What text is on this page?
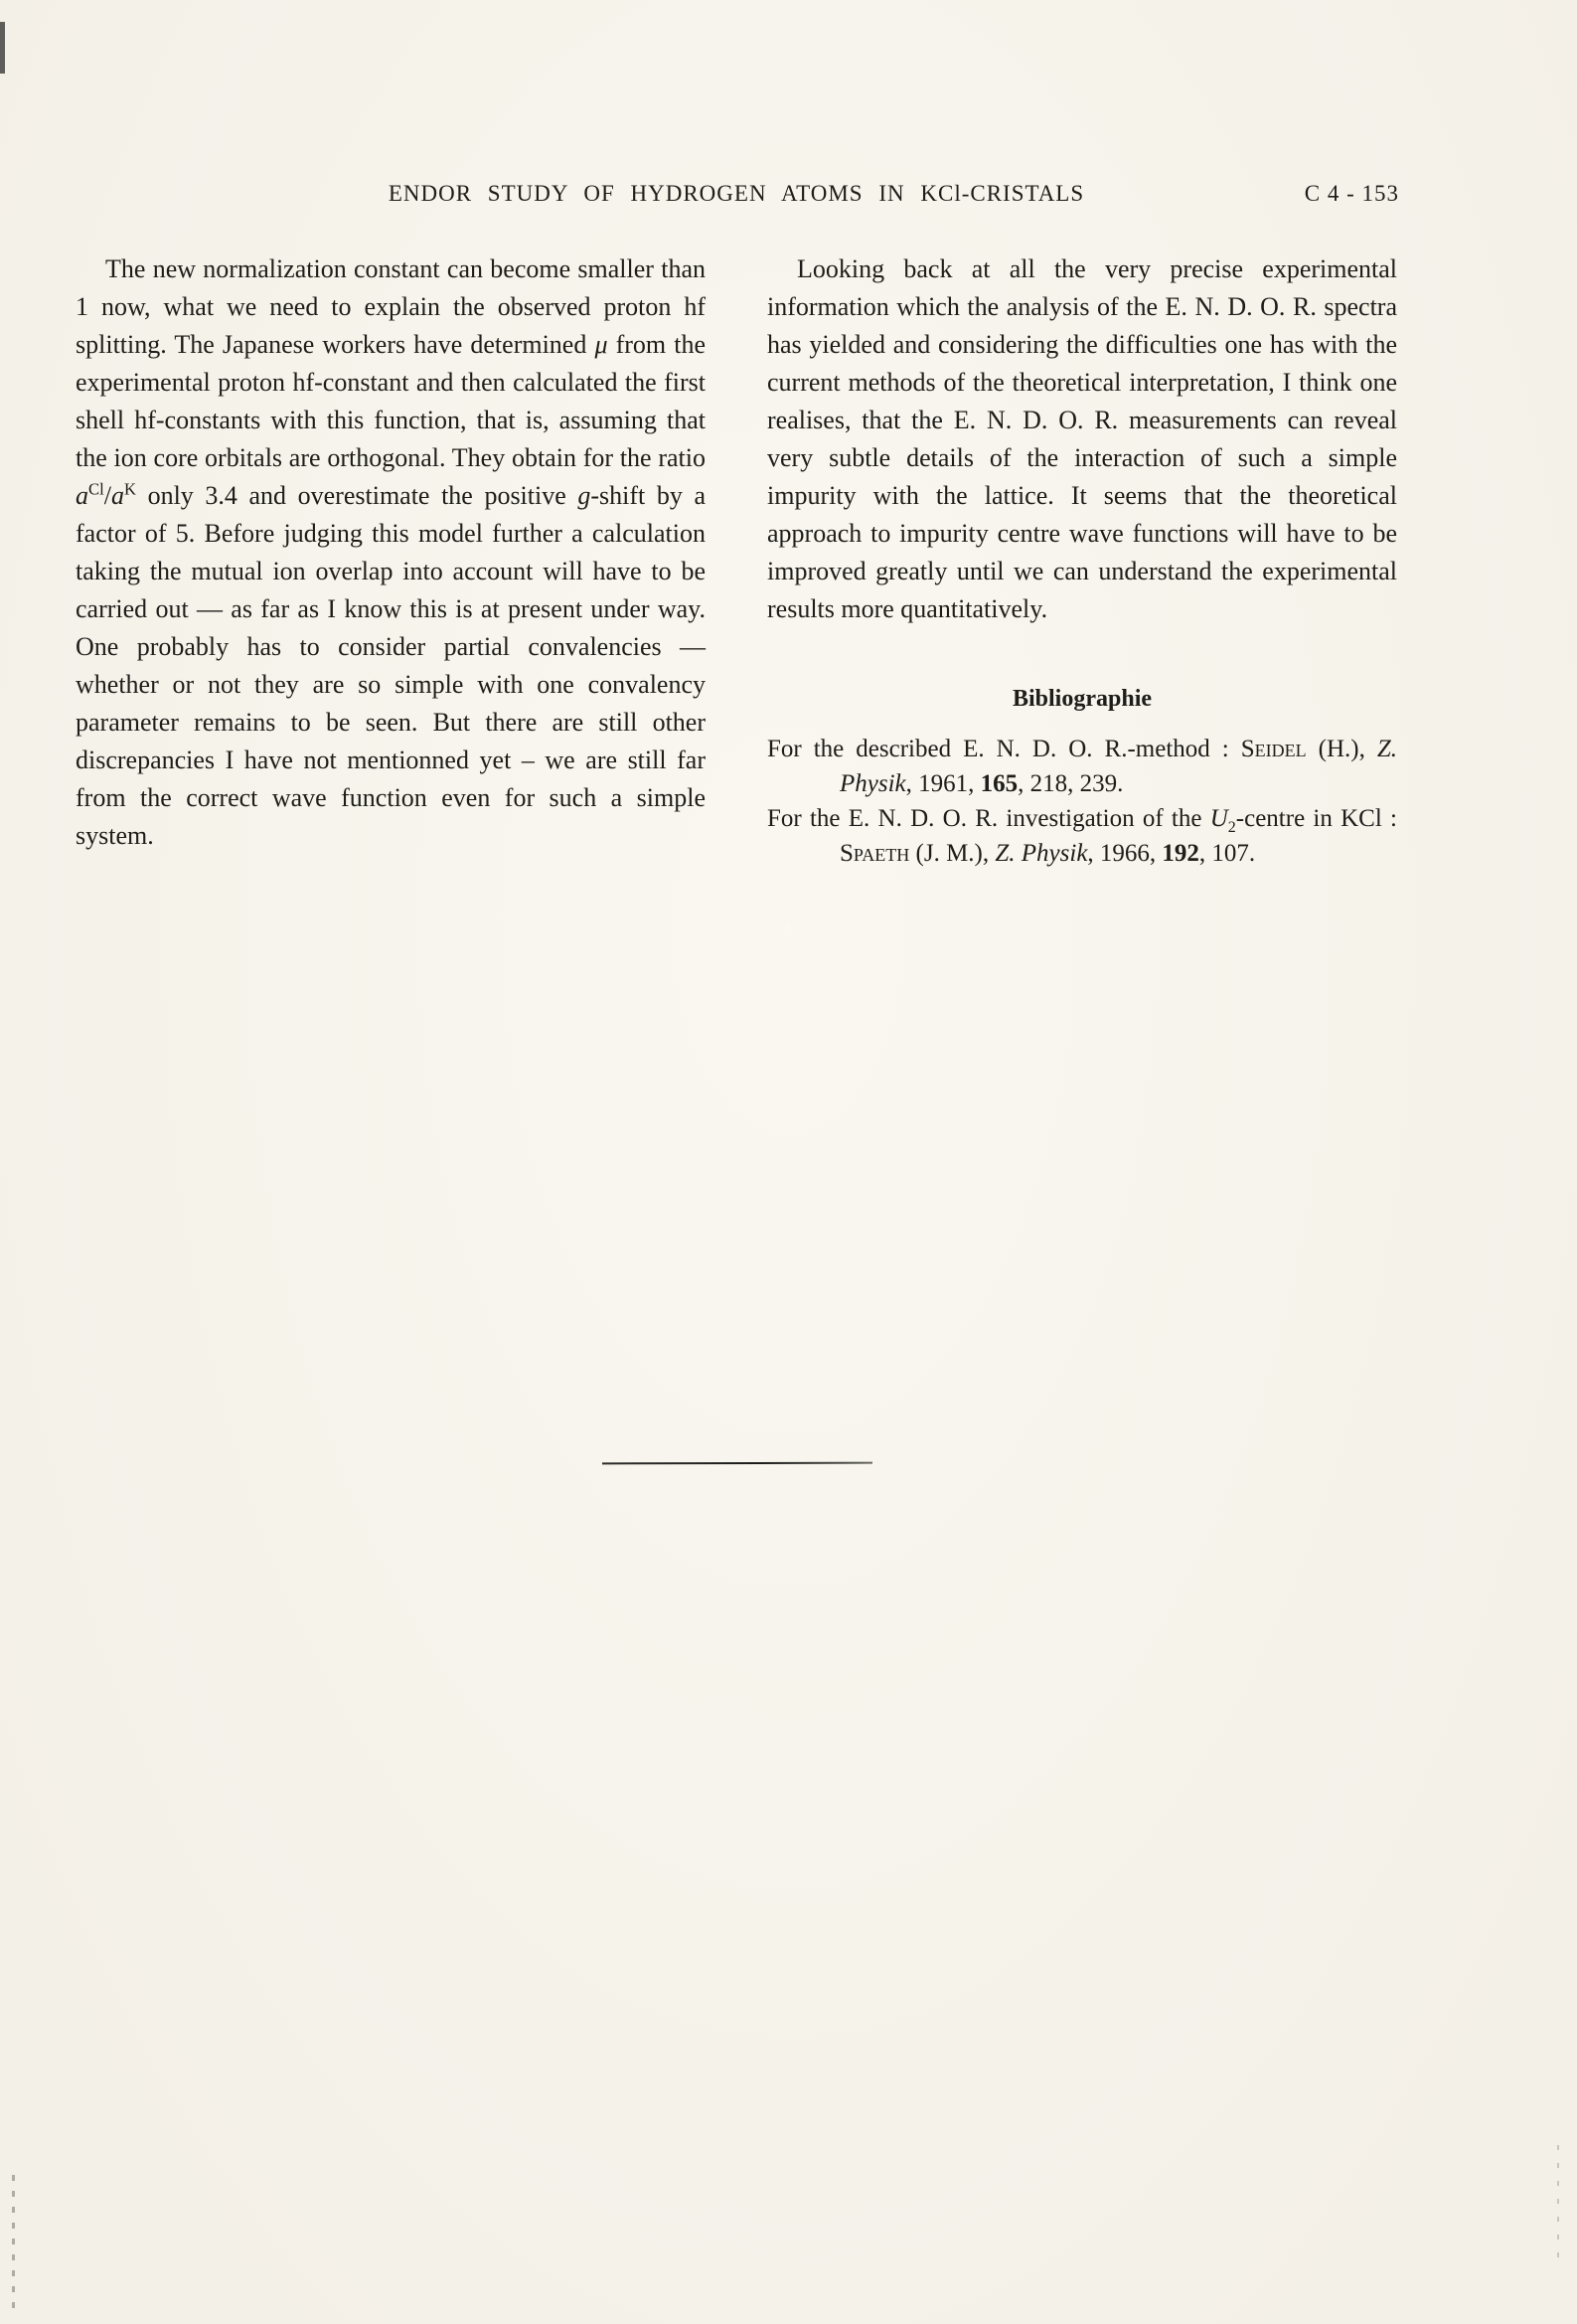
ENDOR STUDY OF HYDROGEN ATOMS IN KCl-CRISTALS	C 4 - 153

The new normalization constant can become smaller than 1 now, what we need to explain the observed proton hf splitting. The Japanese workers have determined μ from the experimental proton hf-constant and then calculated the first shell hf-constants with this function, that is, assuming that the ion core orbitals are orthogonal. They obtain for the ratio $a^{Cl}/a^K$ only 3.4 and overestimate the positive g-shift by a factor of 5. Before judging this model further a calculation taking the mutual ion overlap into account will have to be carried out — as far as I know this is at present under way. One probably has to consider partial convalencies — whether or not they are so simple with one convalency parameter remains to be seen. But there are still other discrepancies I have not mentionned yet – we are still far from the correct wave function even for such a simple system.

Looking back at all the very precise experimental information which the analysis of the E. N. D. O. R. spectra has yielded and considering the difficulties one has with the current methods of the theoretical interpretation, I think one realises, that the E. N. D. O. R. measurements can reveal very subtle details of the interaction of such a simple impurity with the lattice. It seems that the theoretical approach to impurity centre wave functions will have to be improved greatly until we can understand the experimental results more quantitatively.

Bibliographie
For the described E. N. D. O. R.-method : Seidel (H.), Z. Physik, 1961, 165, 218, 239.
For the E. N. D. O. R. investigation of the $U_2$-centre in KCl : Spaeth (J. M.), Z. Physik, 1966, 192, 107.
